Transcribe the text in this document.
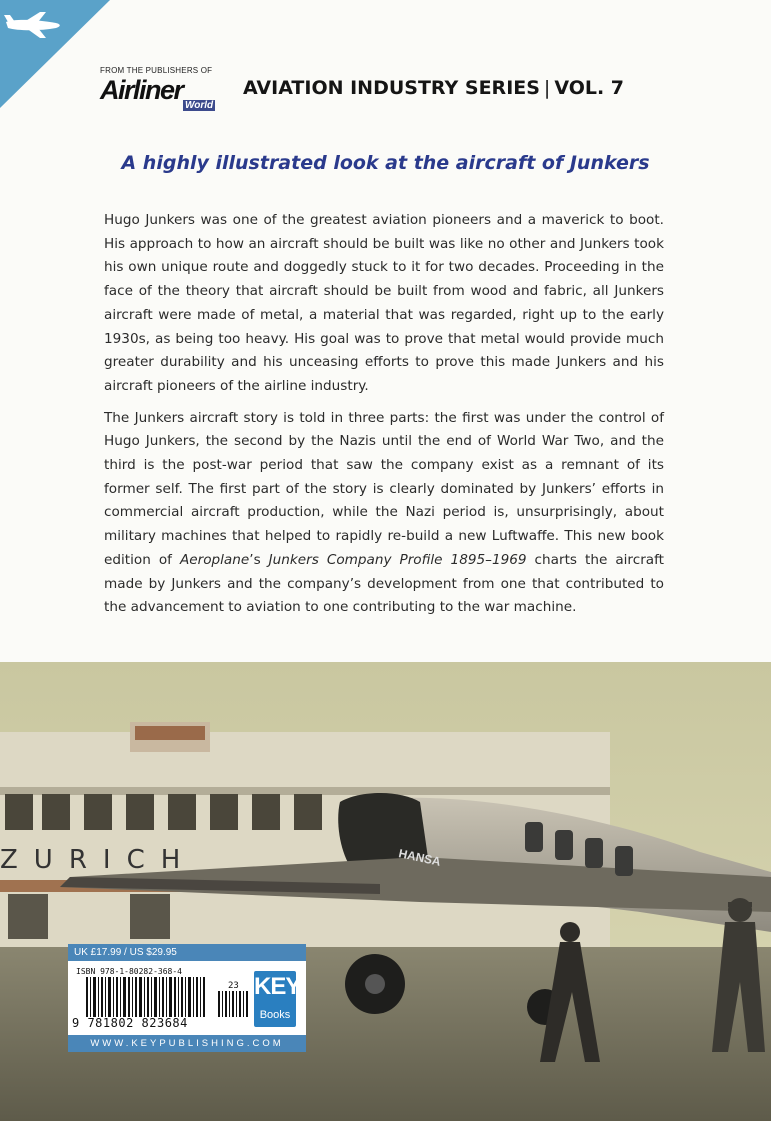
FROM THE PUBLISHERS OF
Airliner
World
AVIATION INDUSTRY SERIES | VOL. 7
A highly illustrated look at the aircraft of Junkers

Hugo Junkers was one of the greatest aviation pioneers and a maverick to boot. His approach to how an aircraft should be built was like no other and Junkers took his own unique route and doggedly stuck to it for two decades. Proceeding in the face of the theory that aircraft should be built from wood and fabric, all Junkers aircraft were made of metal, a material that was regarded, right up to the early 1930s, as being too heavy. His goal was to prove that metal would provide much greater durability and his unceasing efforts to prove this made Junkers and his aircraft pioneers of the airline industry.

The Junkers aircraft story is told in three parts: the first was under the control of Hugo Junkers, the second by the Nazis until the end of World War Two, and the third is the post-war period that saw the company exist as a remnant of its former self. The first part of the story is clearly dominated by Junkers’ efforts in commercial aircraft production, while the Nazi period is, unsurprisingly, about military machines that helped to rapidly re-build a new Luftwaffe. This new book edition of Aeroplane’s Junkers Company Profile 1895–1969 charts the aircraft made by Junkers and the company’s development from one that contributed to the advancement to aviation to one contributing to the war machine.

ZURICH	HANSA
UK £17.99 / US $29.95
ISBN 978-1-80282-368-4
23
9 781802 823684
KEY
Books
WWW.KEYPUBLISHING.COM
